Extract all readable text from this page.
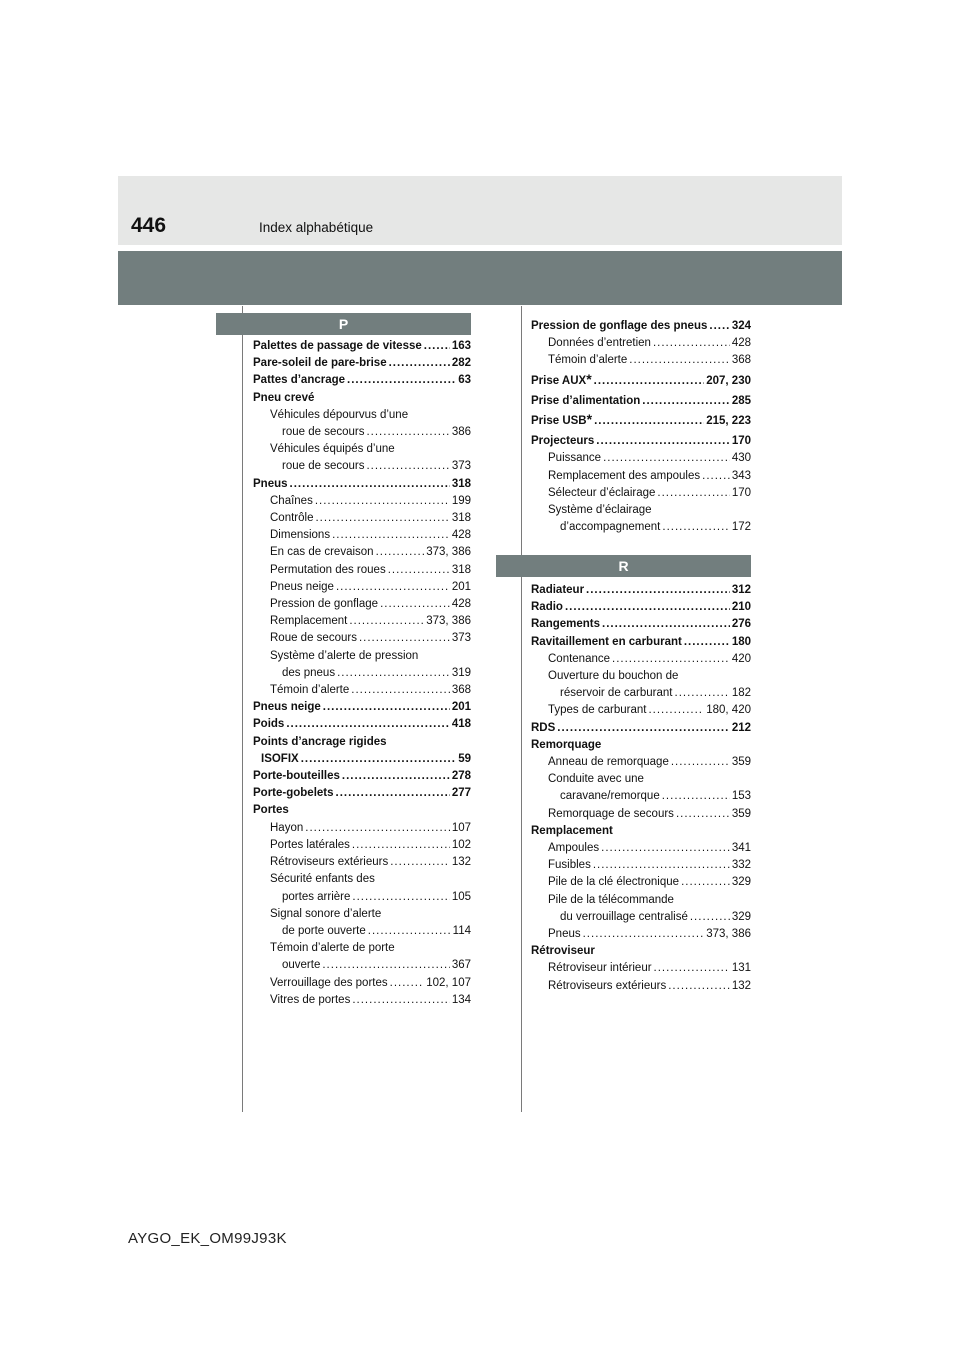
446	Index alphabétique
P
R
Palettes de passage de vitesse .....	163
Pare-soleil de pare-brise .....	282
Pattes d’ancrage .....	63
Pneu crevé
Véhicules dépourvus d’une
roue de secours .....	386
Véhicules équipés d’une
roue de secours .....	373
Pneus .....	318
Chaînes .....	199
Contrôle .....	318
Dimensions .....	428
En cas de crevaison .....	373, 386
Permutation des roues .....	318
Pneus neige .....	201
Pression de gonflage .....	428
Remplacement .....	373, 386
Roue de secours .....	373
Système d’alerte de pression
des pneus .....	319
Témoin d’alerte .....	368
Pneus neige .....	201
Poids .....	418
Points d’ancrage rigides
ISOFIX .....	59
Porte-bouteilles .....	278
Porte-gobelets .....	277
Portes
Hayon .....	107
Portes latérales .....	102
Rétroviseurs extérieurs .....	132
Sécurité enfants des
portes arrière .....	105
Signal sonore d’alerte
de porte ouverte .....	114
Témoin d’alerte de porte
ouverte .....	367
Verrouillage des portes .....	102, 107
Vitres de portes .....	134
Pression de gonflage des pneus ..... 324
Données d’entretien .....	428
Témoin d’alerte .....	368
Prise AUX * .....	207, 230
Prise d’alimentation .....	285
Prise USB * .....	215, 223
Projecteurs .....	170
Puissance .....	430
Remplacement des ampoules .....	343
Sélecteur d’éclairage .....	170
Système d’éclairage
d’accompagnement .....	172
Radiateur .....	312
Radio .....	210
Rangements .....	276
Ravitaillement en carburant .....	180
Contenance .....	420
Ouverture du bouchon de
réservoir de carburant .....	182
Types de carburant .....	180, 420
RDS .....	212
Remorquage
Anneau de remorquage .....	359
Conduite avec une
caravane/remorque .....	153
Remorquage de secours .....	359
Remplacement
Ampoules .....	341
Fusibles .....	332
Pile de la clé électronique .....	329
Pile de la télécommande
du verrouillage centralisé .....	329
Pneus .....	373, 386
Rétroviseur
Rétroviseur intérieur .....	131
Rétroviseurs extérieurs .....	132
AYGO_EK_OM99J93K
